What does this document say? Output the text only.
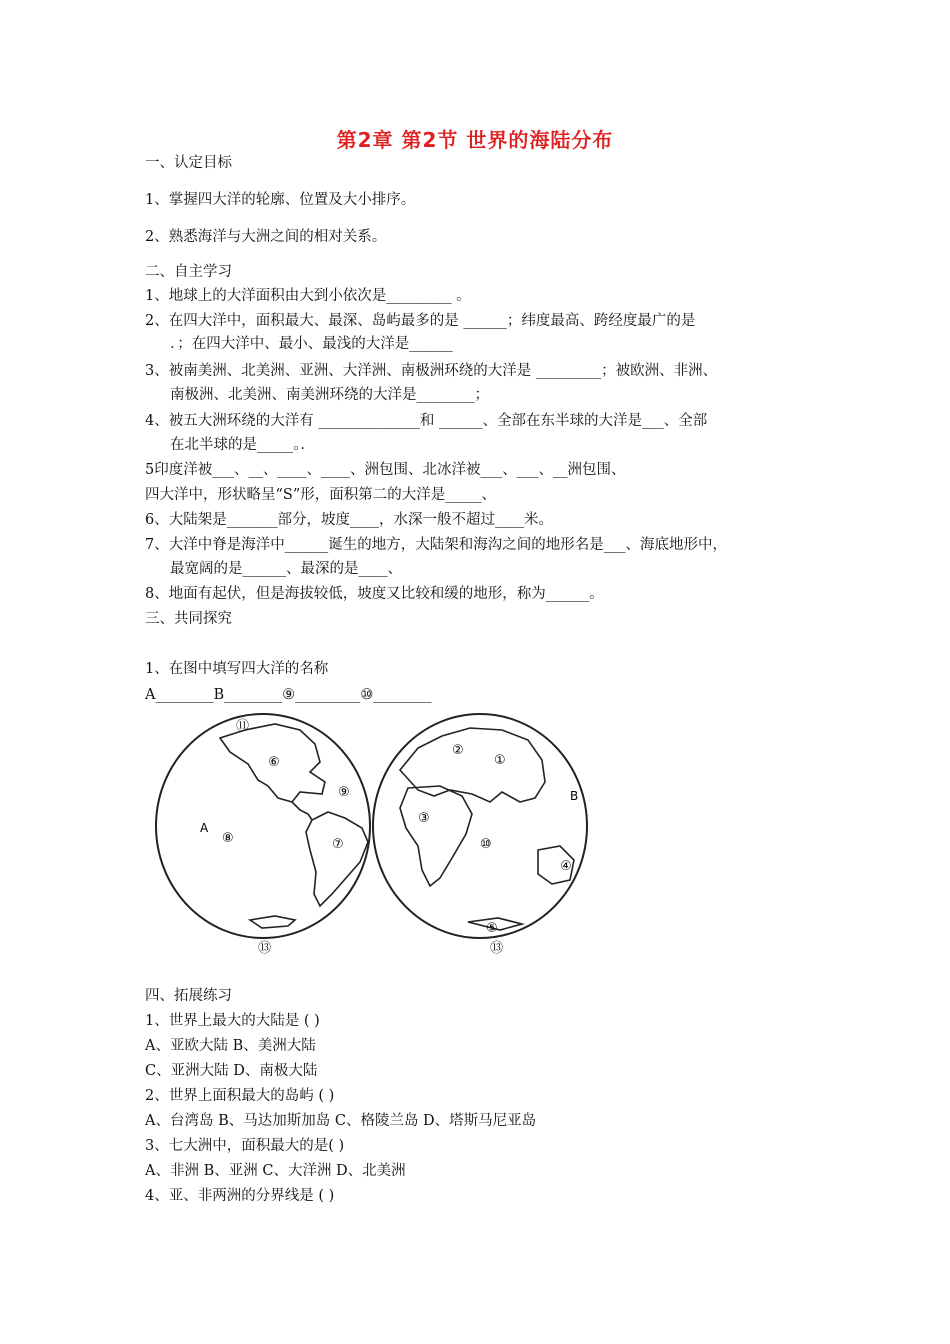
第2章 第2节 世界的海陆分布
一、认定目标
1、掌握四大洋的轮廓、位置及大小排序。
2、熟悉海洋与大洲之间的相对关系。
二、自主学习
1、地球上的大洋面积由大到小依次是_________ 。
2、在四大洋中，面积最大、最深、岛屿最多的是 ______；纬度最高、跨经度最广的是
．；在四大洋中、最小、最浅的大洋是______
3、被南美洲、北美洲、亚洲、大洋洲、南极洲环绕的大洋是 _________；被欧洲、非洲、
南极洲、北美洲、南美洲环绕的大洋是________；
4、被五大洲环绕的大洋有 ______________和 ______、全部在东半球的大洋是___、全部
在北半球的是_____。．
5印度洋被___、__、____、____、洲包围、北冰洋被___、___、__洲包围、
四大洋中，形状略呈“S”形，面积第二的大洋是_____、
6、大陆架是_______部分，坡度____，水深一般不超过____米。
7、大洋中脊是海洋中______诞生的地方，大陆架和海沟之间的地形名是___、海底地形中，
最宽阔的是______、最深的是____、
8、地面有起伏，但是海拔较低，坡度又比较和缓的地形，称为______。
三、共同探究
1、在图中填写四大洋的名称
A________B________⑨_________⑩________
A
B
①
②
③
④
⑤
⑥
⑦
⑧
⑨
⑩
⑪
⑬	⑬
四、拓展练习
1、世界上最大的大陆是 ( )
A、亚欧大陆 B、美洲大陆
C、亚洲大陆 D、南极大陆
2、世界上面积最大的岛屿 ( )
A、台湾岛 B、马达加斯加岛 C、格陵兰岛 D、塔斯马尼亚岛
3、七大洲中，面积最大的是( )
A、非洲 B、亚洲 C、大洋洲 D、北美洲
4、亚、非两洲的分界线是 ( )
